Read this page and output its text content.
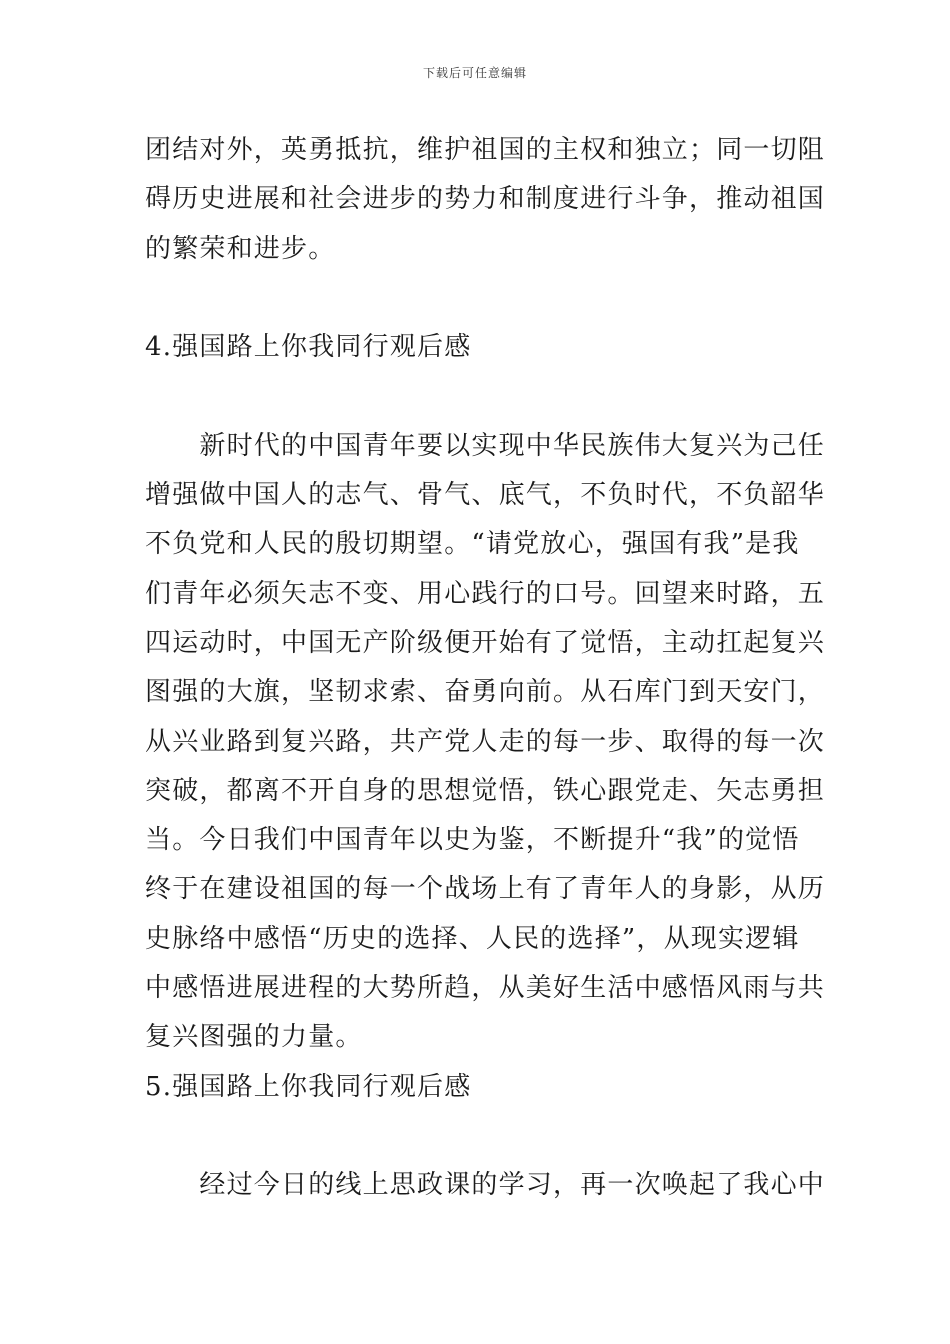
下载后可任意编辑
团结对外，英勇抵抗，维护祖国的主权和独立；同一切阻
碍历史进展和社会进步的势力和制度进行斗争，推动祖国
的繁荣和进步。
4.强国路上你我同行观后感
　　新时代的中国青年要以实现中华民族伟大复兴为己任
增强做中国人的志气、骨气、底气，不负时代，不负韶华
不负党和人民的殷切期望。“请党放心，强国有我”是我
们青年必须矢志不变、用心践行的口号。回望来时路，五
四运动时，中国无产阶级便开始有了觉悟，主动扛起复兴
图强的大旗，坚韧求索、奋勇向前。从石库门到天安门，
从兴业路到复兴路，共产党人走的每一步、取得的每一次
突破，都离不开自身的思想觉悟，铁心跟党走、矢志勇担
当。今日我们中国青年以史为鉴，不断提升“我”的觉悟
终于在建设祖国的每一个战场上有了青年人的身影，从历
史脉络中感悟“历史的选择、人民的选择”，从现实逻辑
中感悟进展进程的大势所趋，从美好生活中感悟风雨与共
复兴图强的力量。
5.强国路上你我同行观后感
　　经过今日的线上思政课的学习，再一次唤起了我心中
